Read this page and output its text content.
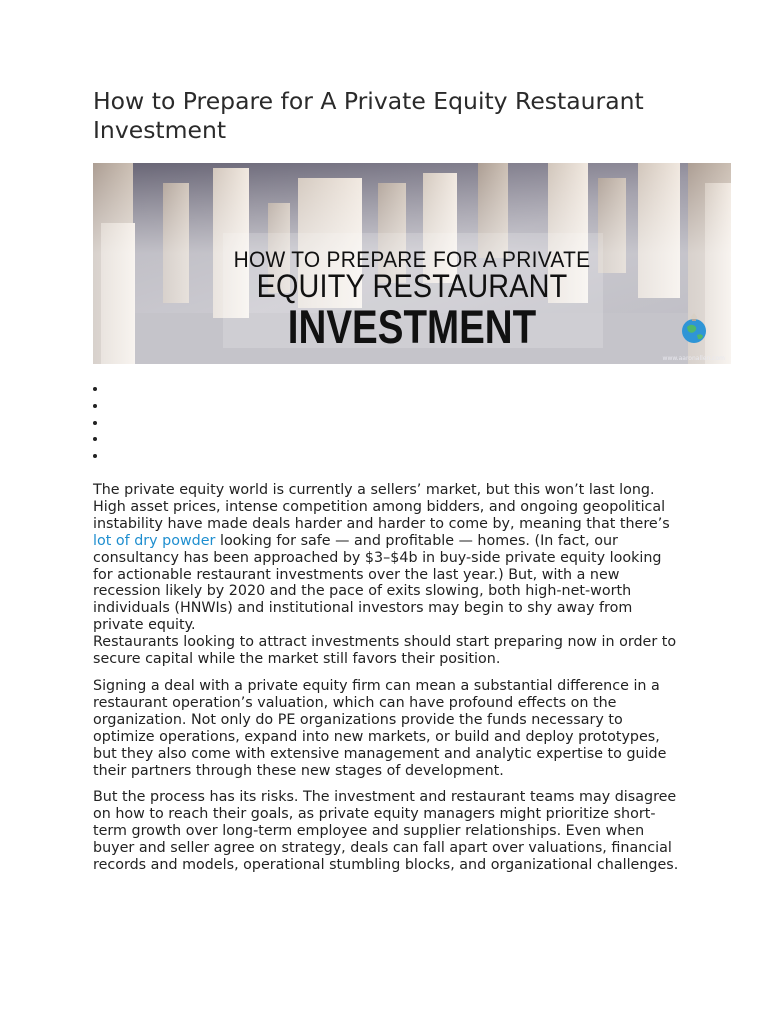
How to Prepare for A Private Equity Restaurant Investment
HOW TO PREPARE FOR A PRIVATE
EQUITY RESTAURANT
INVESTMENT
www.aaronallen.com

The private equity world is currently a sellers’ market, but this won’t last long. High asset prices, intense competition among bidders, and ongoing geopolitical instability have made deals harder and harder to come by, meaning that there’s lot of dry powder looking for safe — and profitable — homes. (In fact, our consultancy has been approached by $3–$4b in buy-side private equity looking for actionable restaurant investments over the last year.) But, with a new recession likely by 2020 and the pace of exits slowing, both high-net-worth individuals (HNWIs) and institutional investors may begin to shy away from private equity.

Restaurants looking to attract investments should start preparing now in order to secure capital while the market still favors their position.

Signing a deal with a private equity firm can mean a substantial difference in a restaurant operation’s valuation, which can have profound effects on the organization. Not only do PE organizations provide the funds necessary to optimize operations, expand into new markets, or build and deploy prototypes, but they also come with extensive management and analytic expertise to guide their partners through these new stages of development.

But the process has its risks. The investment and restaurant teams may disagree on how to reach their goals, as private equity managers might prioritize short-term growth over long-term employee and supplier relationships. Even when buyer and seller agree on strategy, deals can fall apart over valuations, financial records and models, operational stumbling blocks, and organizational challenges.
